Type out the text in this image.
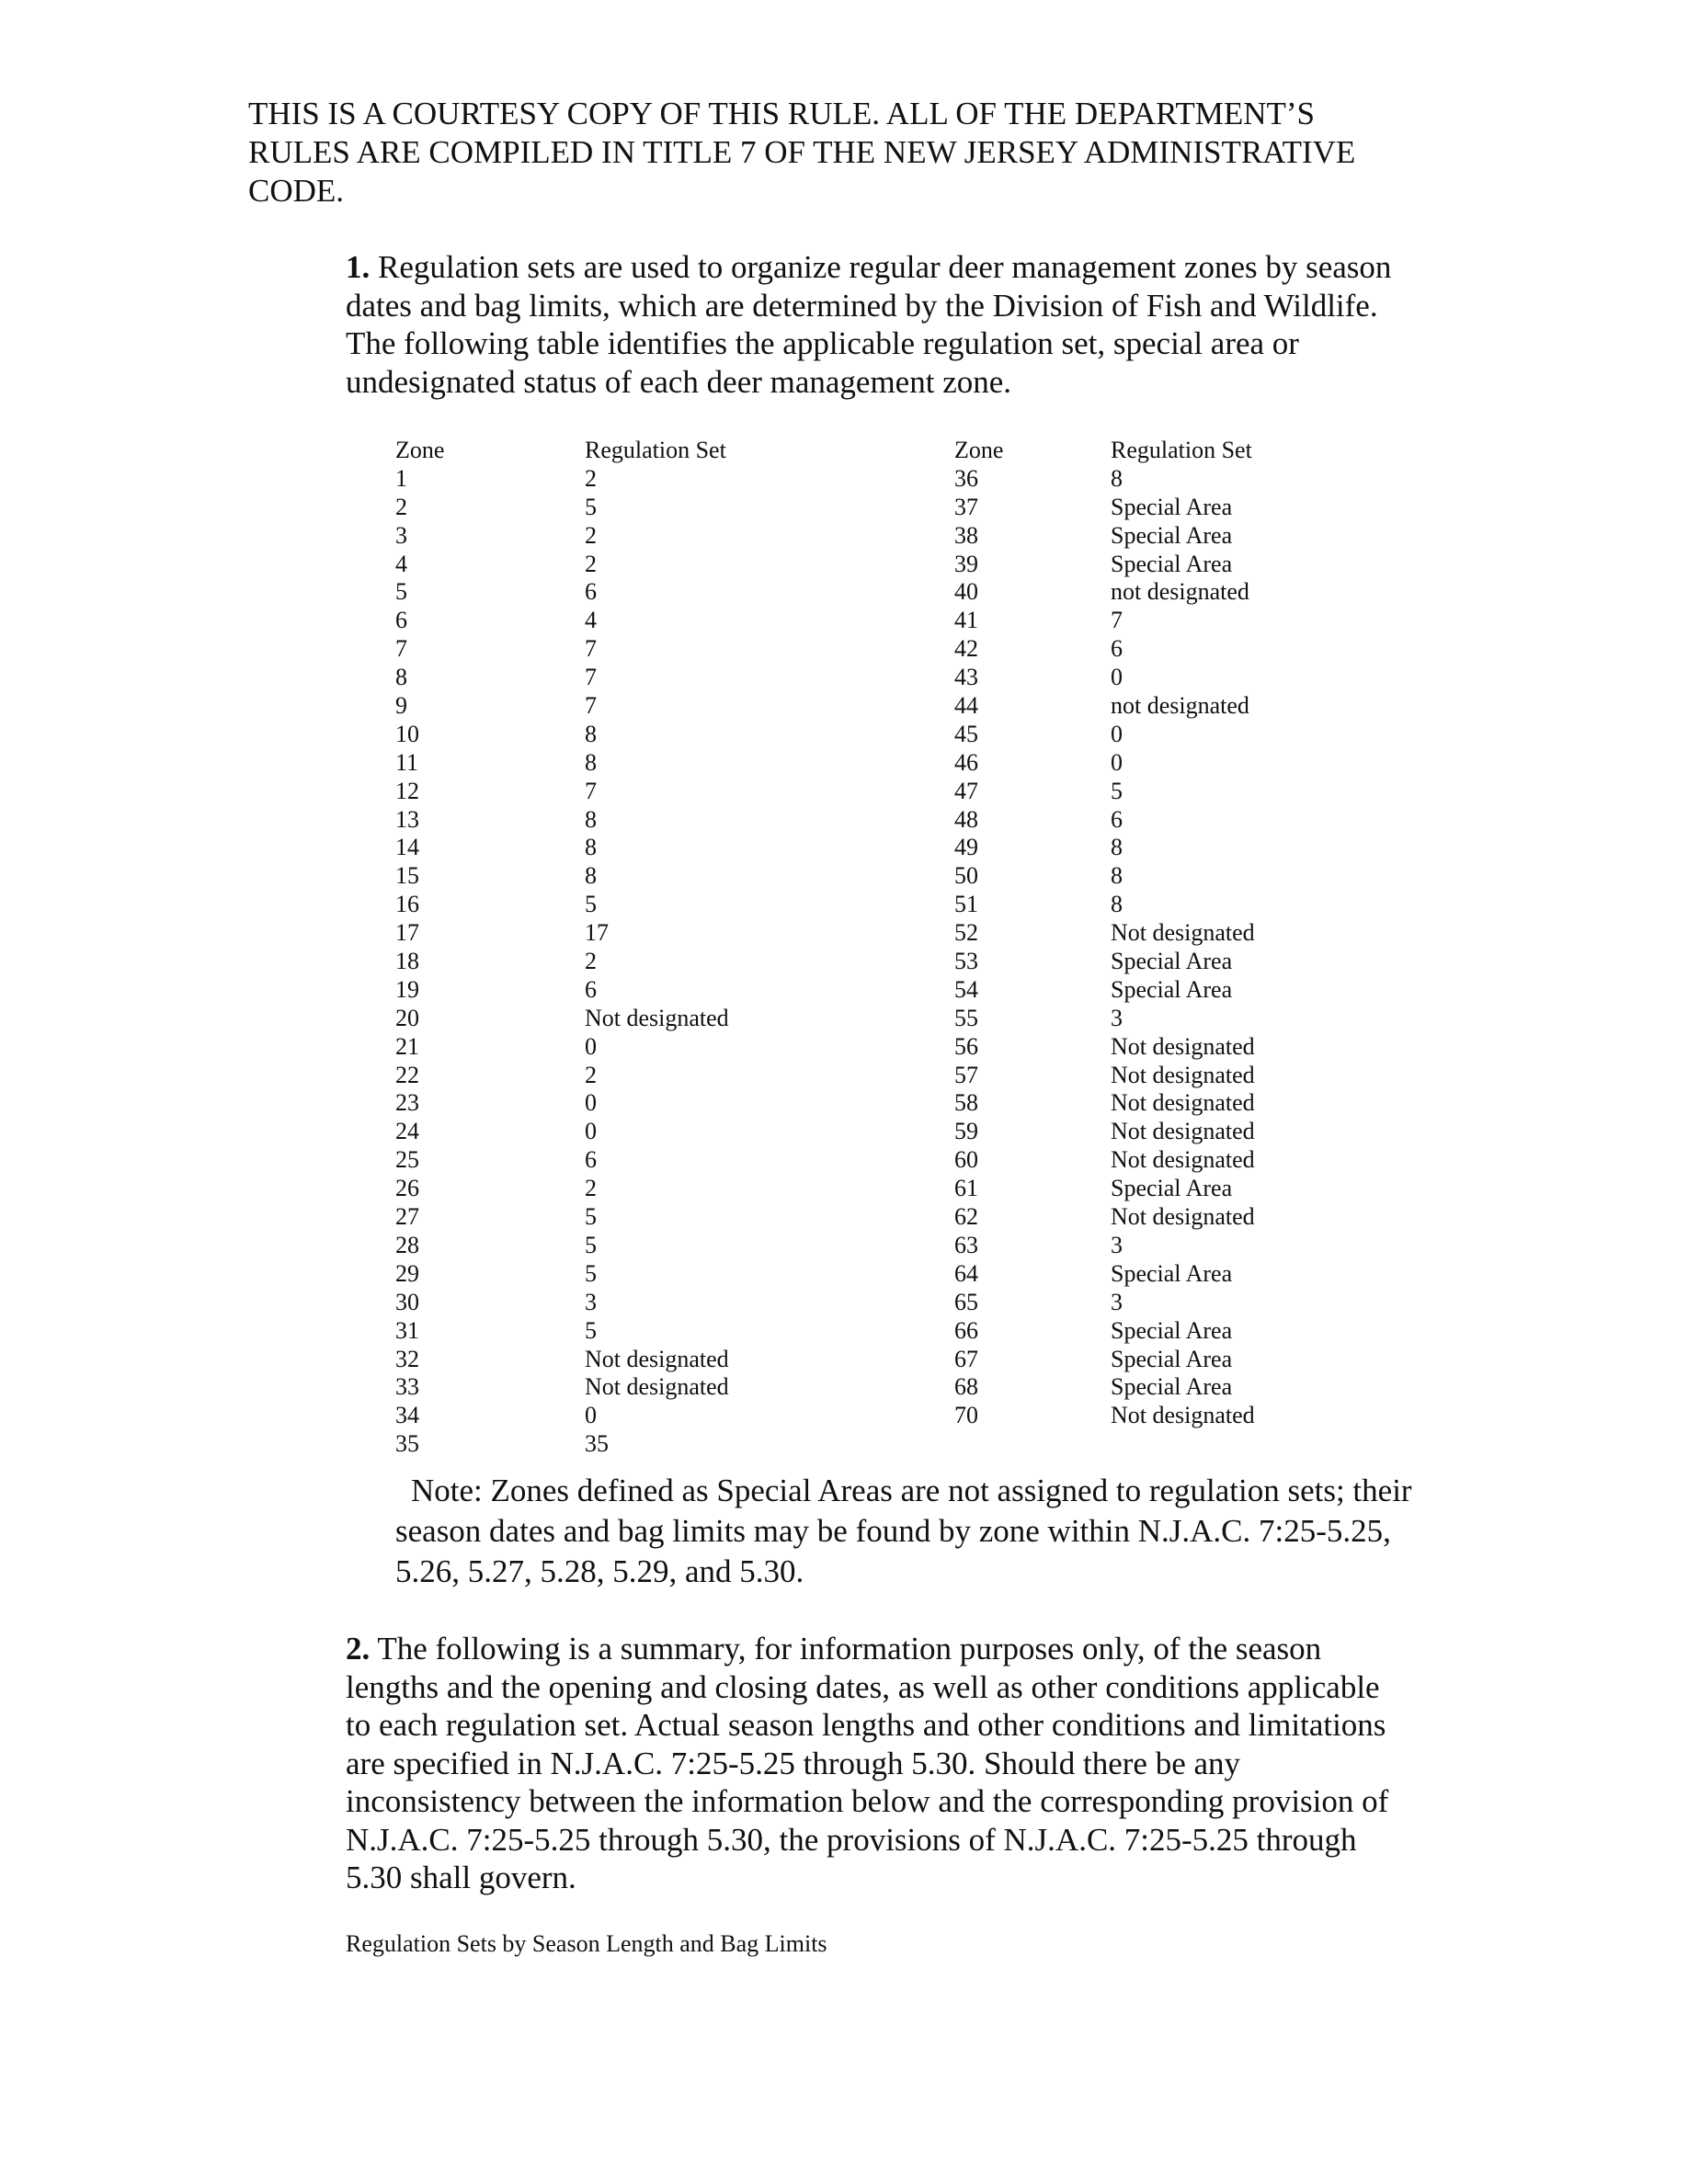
THIS IS A COURTESY COPY OF THIS RULE. ALL OF THE DEPARTMENT’S
RULES ARE COMPILED IN TITLE 7 OF THE NEW JERSEY ADMINISTRATIVE
CODE.
1. Regulation sets are used to organize regular deer management zones by season
dates and bag limits, which are determined by the Division of Fish and Wildlife.
The following table identifies the applicable regulation set, special area or
undesignated status of each deer management zone.
Zone
1
2
3
4
5
6
7
8
9
10
11
12
13
14
15
16
17
18
19
20
21
22
23
24
25
26
27
28
29
30
31
32
33
34
35
Regulation Set
2
5
2
2
6
4
7
7
7
8
8
7
8
8
8
5
17
2
6
Not designated
0
2
0
0
6
2
5
5
5
3
5
Not designated
Not designated
0
35
Zone
36
37
38
39
40
41
42
43
44
45
46
47
48
49
50
51
52
53
54
55
56
57
58
59
60
61
62
63
64
65
66
67
68
70
Regulation Set
8
Special Area
Special Area
Special Area
not designated
7
6
0
not designated
0
0
5
6
8
8
8
Not designated
Special Area
Special Area
3
Not designated
Not designated
Not designated
Not designated
Not designated
Special Area
Not designated
3
Special Area
3
Special Area
Special Area
Special Area
Not designated
Note: Zones defined as Special Areas are not assigned to regulation sets; their
season dates and bag limits may be found by zone within N.J.A.C. 7:25-5.25,
5.26, 5.27, 5.28, 5.29, and 5.30.
2. The following is a summary, for information purposes only, of the season
lengths and the opening and closing dates, as well as other conditions applicable
to each regulation set. Actual season lengths and other conditions and limitations
are specified in N.J.A.C. 7:25-5.25 through 5.30. Should there be any
inconsistency between the information below and the corresponding provision of
N.J.A.C. 7:25-5.25 through 5.30, the provisions of N.J.A.C. 7:25-5.25 through
5.30 shall govern.
Regulation Sets by Season Length and Bag Limits
